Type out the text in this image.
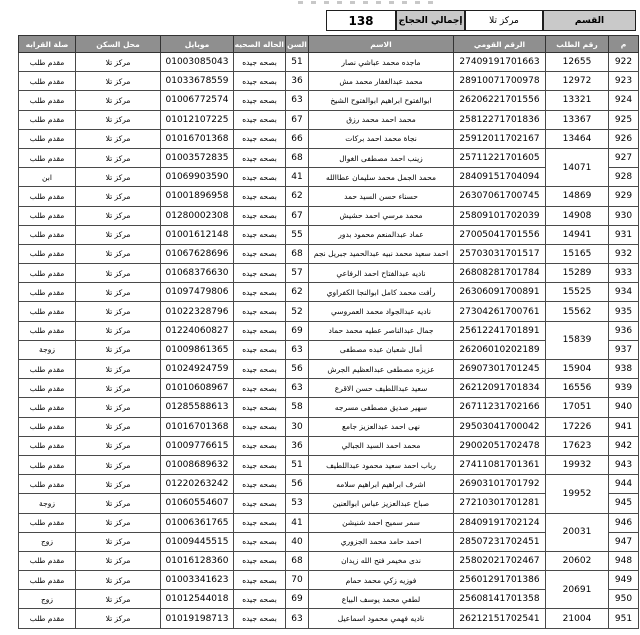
القسم
مركز تلا
إجمالي الحجاج
138
م	رقم الطلب	الرقم القومي	الاسم	السن	الحاله الصحيه	موبايل	محل السكن	صلة القرابه
922	12655	27409191701663	ماجده محمد عباشي نصار	51	بصحه جيده	01003085043	مركز تلا	مقدم طلب
923	12972	28910071700978	محمد عبدالغفار محمد مش	36	بصحه جيده	01033678559	مركز تلا	مقدم طلب
924	13321	26206221701556	ابوالفتوح ابراهيم ابوالفتوح الشيخ	63	بصحه جيده	01006772574	مركز تلا	مقدم طلب
925	13367	25812271701836	محمد احمد محمد رزق	67	بصحه جيده	01012107225	مركز تلا	مقدم طلب
926	13464	25912011702167	نجاة محمد احمد بركات	66	بصحه جيده	01016701368	مركز تلا	مقدم طلب
927	14071	25711221701605	زينب احمد مصطفى الغوال	68	بصحه جيده	01003572835	مركز تلا	مقدم طلب
928		28409151704094	محمد الجمل محمد سليمان عطاالله	41	بصحه جيده	01069903590	مركز تلا	ابن
929	14869	26307061700745	حسناء حسن السيد حمد	62	بصحه جيده	01001896958	مركز تلا	مقدم طلب
930	14908	25809101702039	محمد مرسي احمد حشيش	67	بصحه جيده	01280002308	مركز تلا	مقدم طلب
931	14941	27005041701556	عماد عبدالمنعم محمود بدور	55	بصحه جيده	01001612148	مركز تلا	مقدم طلب
932	15165	25703031701517	احمد سعيد محمد نبيه عبدالحميد جبريل نجم	68	بصحه جيده	01067628696	مركز تلا	مقدم طلب
933	15289	26808281701784	ناديه عبدالفتاح احمد الرفاعي	57	بصحه جيده	01068376630	مركز تلا	مقدم طلب
934	15525	26306091700891	رأفت محمد كامل ابوالنجا الكفراوي	62	بصحه جيده	01097479806	مركز تلا	مقدم طلب
935	15562	27304261700761	ناديه عبدالجواد محمد العمروسي	52	بصحه جيده	01022328796	مركز تلا	مقدم طلب
936	15839	25612241701891	جمال عبدالناصر عطيه محمد حماد	69	بصحه جيده	01224060827	مركز تلا	مقدم طلب
937		26206010202189	أمال شعبان عبده مصطفى	63	بصحه جيده	01009861365	مركز تلا	زوجة
938	15904	26907301701245	عزيزه مصطفى عبدالعظيم الجرش	56	بصحه جيده	01024924759	مركز تلا	مقدم طلب
939	16556	26212091701834	سعيد عبداللطيف حسن الاقرع	63	بصحه جيده	01010608967	مركز تلا	مقدم طلب
940	17051	26711231702166	سهير صديق مصطفى مسرجه	58	بصحه جيده	01285588613	مركز تلا	مقدم طلب
941	17226	29503041700042	نهى احمد عبدالعزيز جامع	30	بصحه جيده	01016701368	مركز تلا	مقدم طلب
942	17623	29002051702478	محمد احمد السيد الجبالي	36	بصحه جيده	01009776615	مركز تلا	مقدم طلب
943	19932	27411081701361	رباب احمد سعيد محمود عبداللطيف	51	بصحه جيده	01008689632	مركز تلا	مقدم طلب
944	19952	26903101701792	اشرف ابراهيم ابراهيم سلامه	56	بصحه جيده	01220263242	مركز تلا	مقدم طلب
945		27210301701281	صباح عبدالعزيز عباس ابوالعنين	53	بصحه جيده	01060554607	مركز تلا	زوجة
946	20031	28409191702124	سمر سميح احمد شنيشن	41	بصحه جيده	01006361765	مركز تلا	مقدم طلب
947		28507231702451	احمد حامد محمد الجزوري	40	بصحه جيده	01009445515	مركز تلا	زوج
948	20602	25802021702467	ندى مخيمر فتح الله زيدان	68	بصحه جيده	01016128360	مركز تلا	مقدم طلب
949	20691	25601291701386	فوزيه زكي محمد حمام	70	بصحه جيده	01003341623	مركز تلا	مقدم طلب
950		25608141701358	لطفي محمد يوسف البياع	69	بصحه جيده	01012544018	مركز تلا	زوج
951	21004	26212151702541	ناديه فهمي محمود اسماعيل	63	بصحه جيده	01019198713	مركز تلا	مقدم طلب
